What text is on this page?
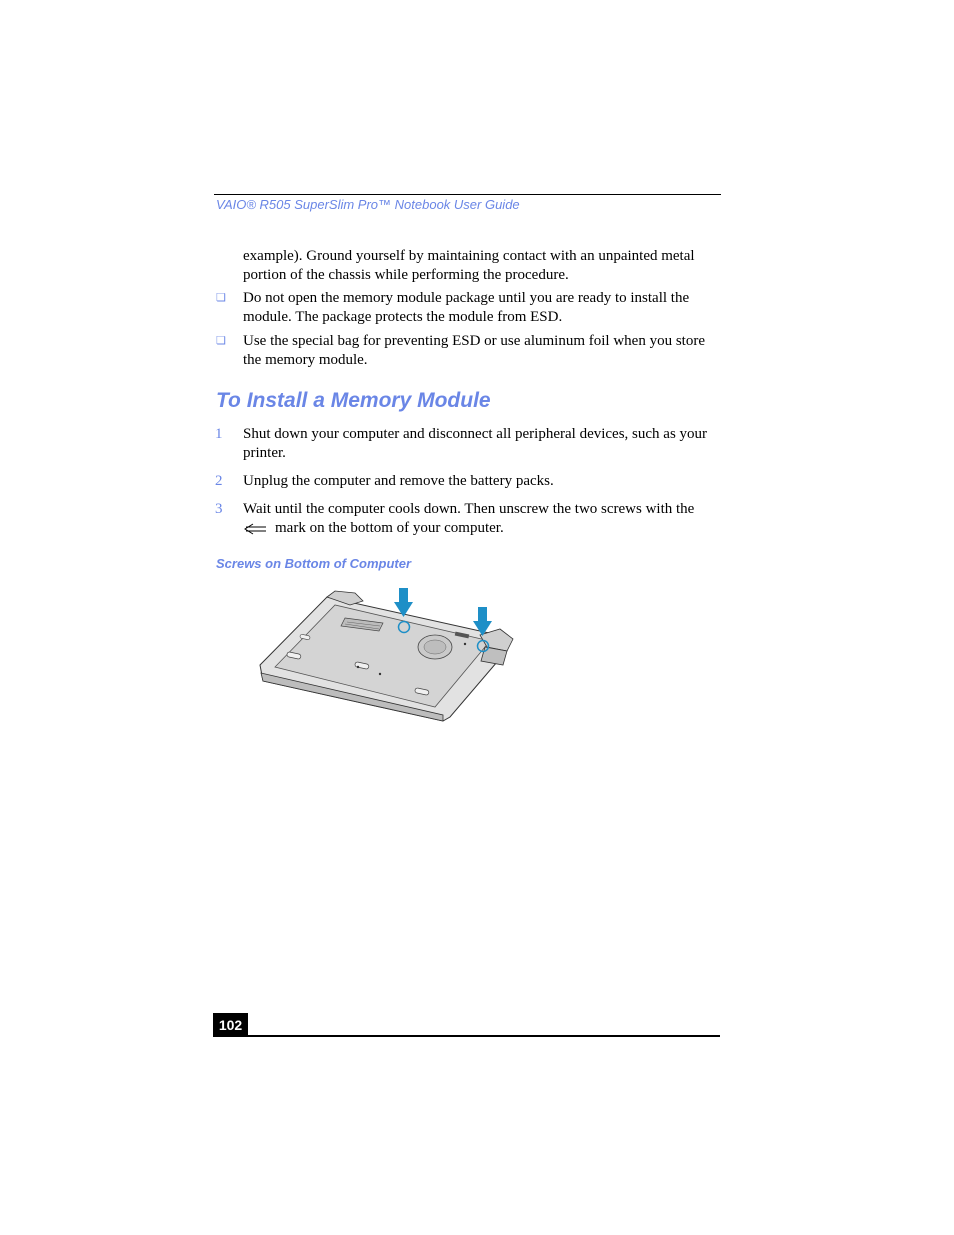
VAIO® R505 SuperSlim Pro™ Notebook User Guide
example). Ground yourself by maintaining contact with an unpainted metal
portion of the chassis while performing the procedure.
❏ Do not open the memory module package until you are ready to install the
module. The package protects the module from ESD.
❏ Use the special bag for preventing ESD or use aluminum foil when you store
the memory module.
To Install a Memory Module
1 Shut down your computer and disconnect all peripheral devices, such as your
printer.
2 Unplug the computer and remove the battery packs.
3 Wait until the computer cools down. Then unscrew the two screws with the
mark on the bottom of your computer.
Screws on Bottom of Computer
102
